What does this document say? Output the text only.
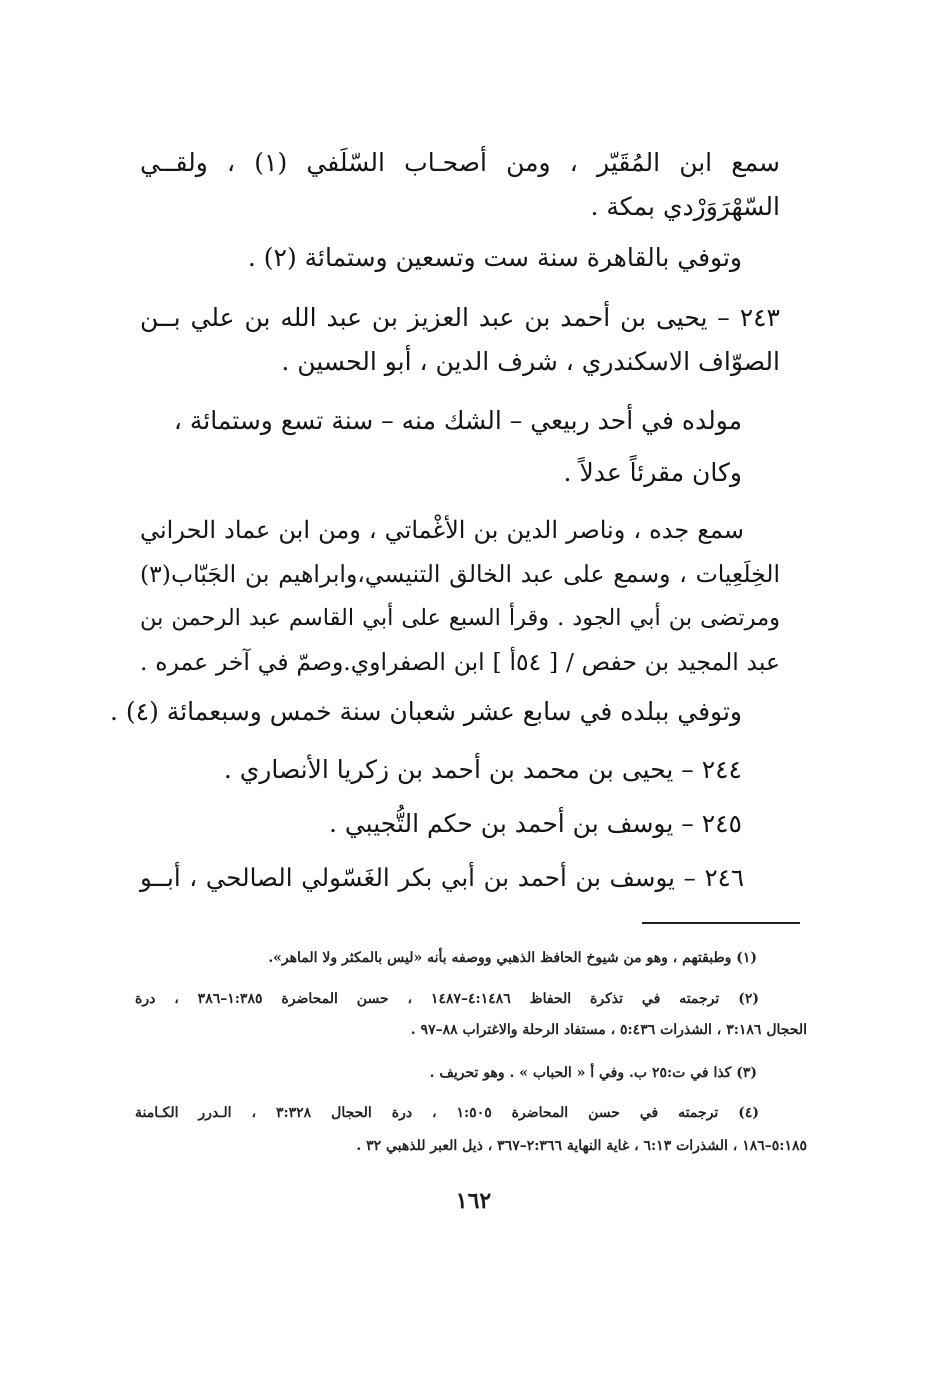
سمع ابن المُقَيّر ، ومن أصحـاب السّلَفي (١) ، ولقــي
السّهْرَوَرْدي بمكة .
وتوفي بالقاهرة سنة ست وتسعين وستمائة (٢) .
٢٤٣ – يحيى بن أحمد بن عبد العزيز بن عبد الله بن علي بــن
الصوّاف الاسكندري ، شرف الدين ، أبو الحسين .
مولده في أحد ربيعي – الشك منه – سنة تسع وستمائة ،
وكان مقرئاً عدلاً .
سمع جده ، وناصر الدين بن الأغْماتي ، ومن ابن عماد الحراني
الخِلَعِيات ، وسمع على عبد الخالق التنيسي،وابراهيم بن الجَبّاب(٣)
ومرتضى بن أبي الجود . وقرأ السبع على أبي القاسم عبد الرحمن بن
عبد المجيد بن حفص / [ ٥٤أ ] ابن الصفراوي.وصمّ في آخر عمره .
وتوفي ببلده في سابع عشر شعبان سنة خمس وسبعمائة (٤) .
٢٤٤ – يحيى بن محمد بن أحمد بن زكريا الأنصاري .
٢٤٥ – يوسف بن أحمد بن حكم التُّجيبي .
٢٤٦ – يوسف بن أحمد بن أبي بكر الغَسّولي الصالحي ، أبــو
(١) وطبقتهم ، وهو من شيوخ الحافظ الذهبي ووصفه بأنه «ليس بالمكثر ولا الماهر».
(٢) ترجمته في تذكرة الحفاظ ٤:١٤٨٦–١٤٨٧ ، حسن المحاضرة ١:٣٨٥–٣٨٦ ، درة
الحجال ٣:١٨٦ ، الشذرات ٥:٤٣٦ ، مستفاد الرحلة والاغتراب ٨٨–٩٧ .
(٣) كذا في ت:٢٥ ب. وفي أ « الحباب » . وهو تحريف .
(٤) ترجمته في حسن المحاضرة ١:٥٠٥ ، درة الحجال ٣:٣٢٨ ، الـدرر الكـامنة
٥:١٨٥–١٨٦ ، الشذرات ٦:١٣ ، غاية النهاية ٢:٣٦٦–٣٦٧ ، ذيل العبر للذهبي ٣٢ .
١٦٢
